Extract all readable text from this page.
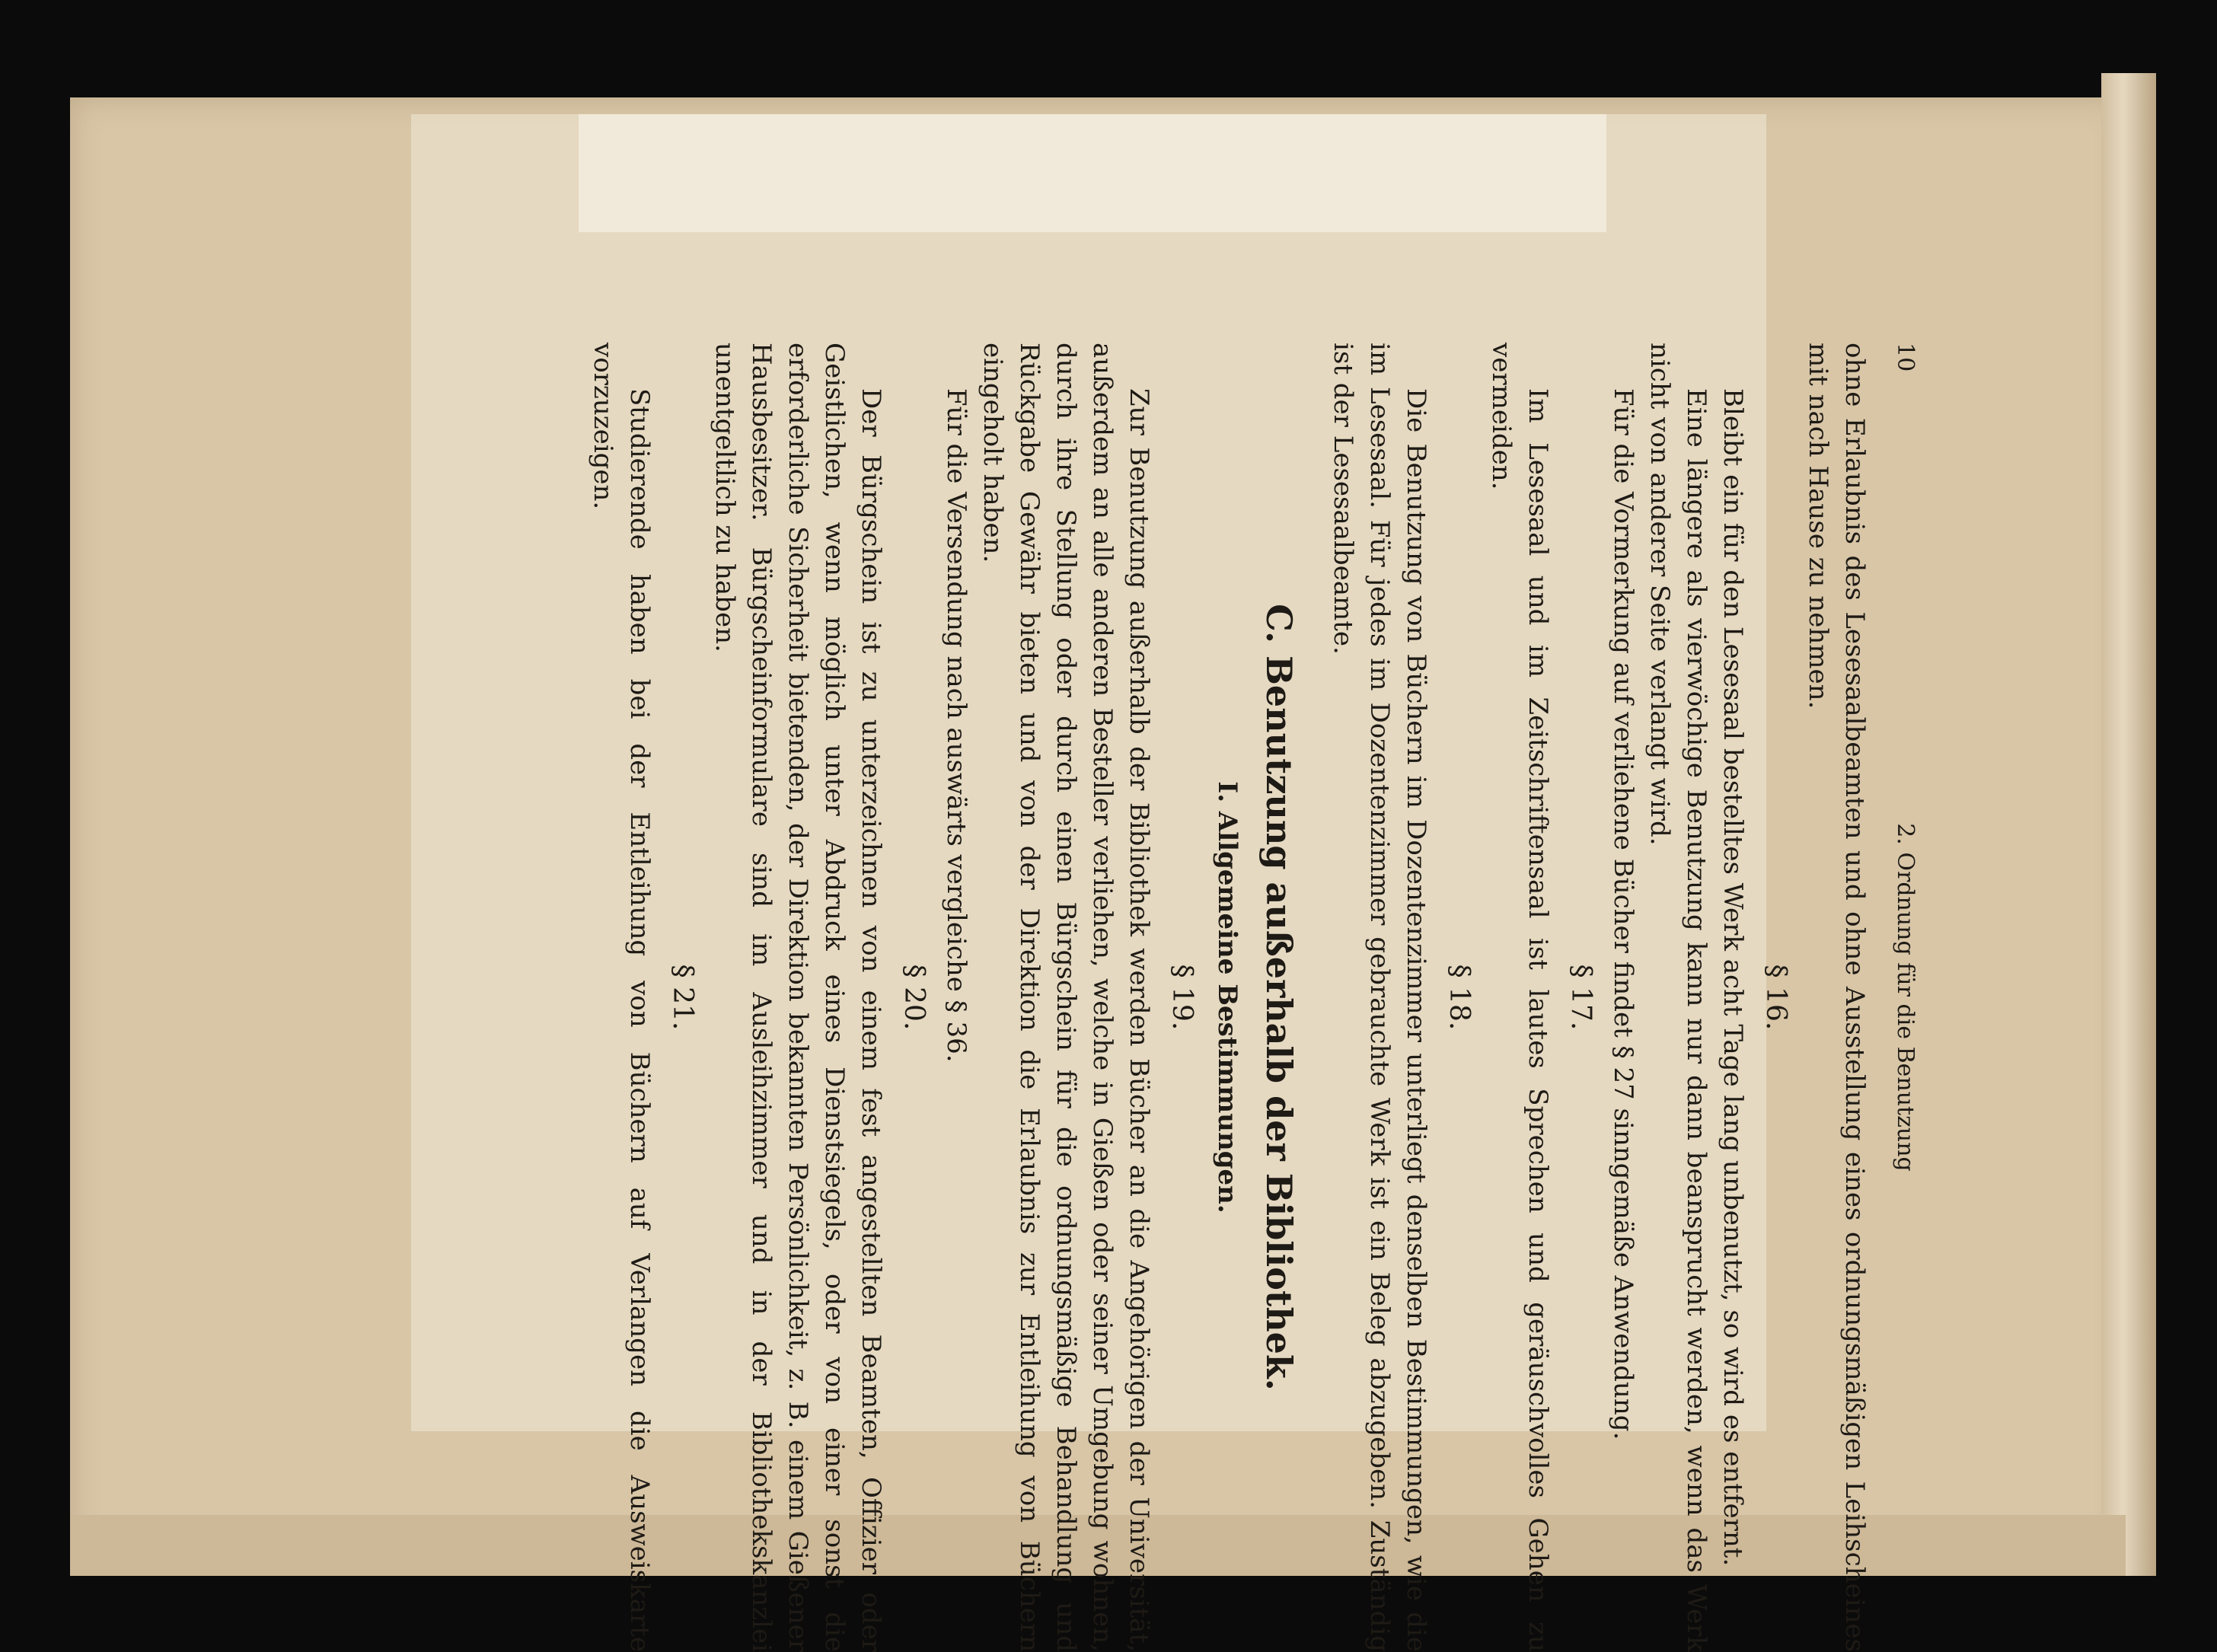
10
2. Ordnung für die Benutzung

ohne Erlaubnis des Lesesaalbeamten und ohne Ausstellung eines ordnungsmäßigen Leihscheines mit nach Hause zu nehmen.

§ 16.

Bleibt ein für den Lesesaal bestelltes Werk acht Tage lang unbenutzt, so wird es entfernt.

Eine längere als vierwöchige Benutzung kann nur dann beansprucht werden, wenn das Werk nicht von anderer Seite verlangt wird.

Für die Vormerkung auf verliehene Bücher findet § 27 sinngemäße Anwendung.

§ 17.

Im Lesesaal und im Zeitschriftensaal ist lautes Sprechen und geräuschvolles Gehen zu vermeiden.

§ 18.

Die Benutzung von Büchern im Dozentenzimmer unterliegt denselben Bestimmungen, wie die im Lesesaal. Für jedes im Dozentenzimmer gebrauchte Werk ist ein Beleg abzugeben. Zuständig ist der Lesesaalbeamte.

C. Benutzung außerhalb der Bibliothek.

I. Allgemeine Bestimmungen.

§ 19.

Zur Benutzung außerhalb der Bibliothek werden Bücher an die Angehörigen der Universität, außerdem an alle anderen Besteller verliehen, welche in Gießen oder seiner Umgebung wohnen, durch ihre Stellung oder durch einen Bürgschein für die ordnungsmäßige Behandlung und Rückgabe Gewähr bieten und von der Direktion die Erlaubnis zur Entleihung von Büchern eingeholt haben.

Für die Versendung nach auswärts vergleiche § 36.

§ 20.

Der Bürgschein ist zu unterzeichnen von einem fest angestellten Beamten, Offizier oder Geistlichen, wenn möglich unter Abdruck eines Dienstsiegels, oder von einer sonst die erforderliche Sicherheit bietenden, der Direktion bekannten Persönlichkeit, z. B. einem Gießener Hausbesitzer. Bürgscheinformulare sind im Ausleihzimmer und in der Bibliothekskanzlei unentgeltlich zu haben.

§ 21.

Studierende haben bei der Entleihung von Büchern auf Verlangen die Ausweiskarte vorzuzeigen.
